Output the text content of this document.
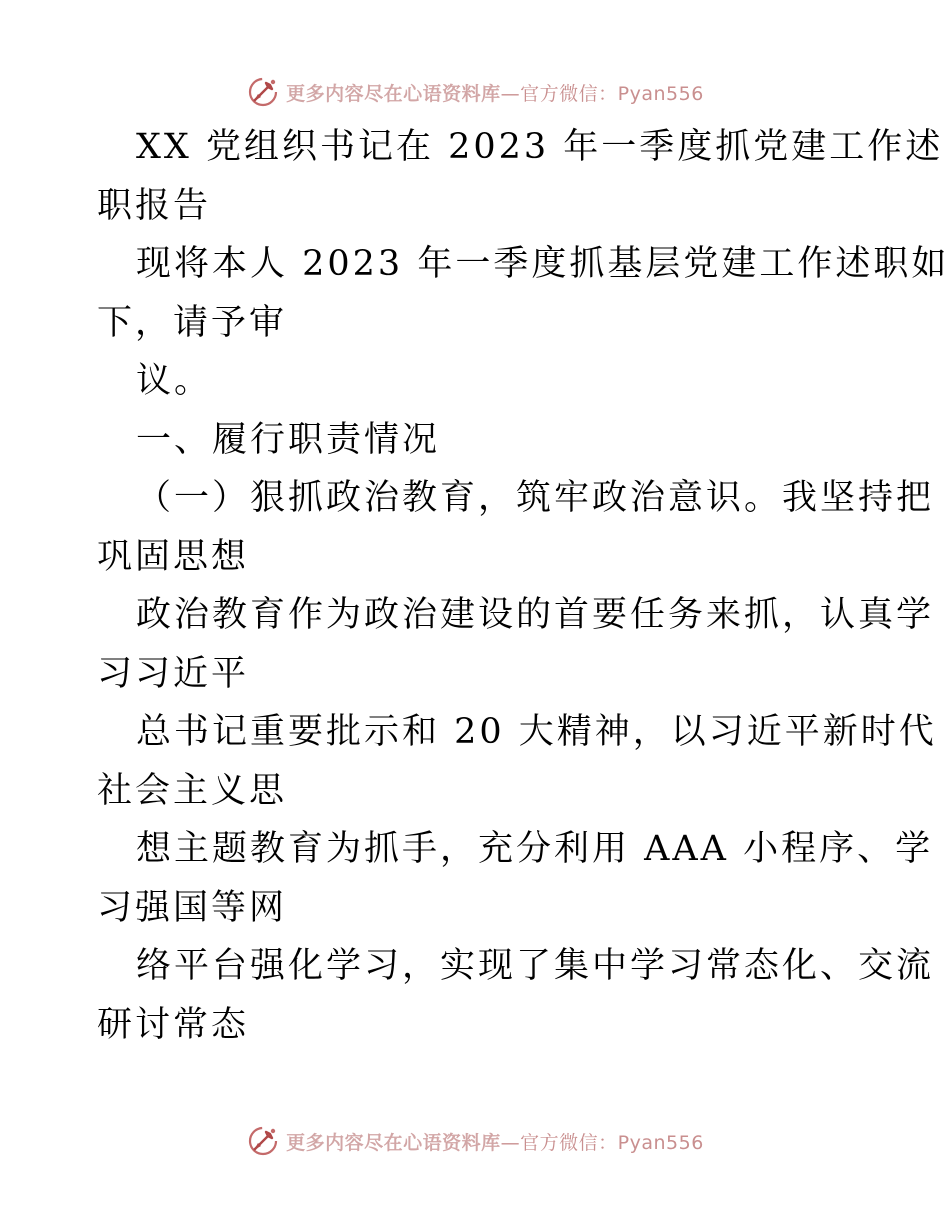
更多内容尽在心语资料库—官方微信：Pyan556
XX 党组织书记在 2023 年一季度抓党建工作述
职报告
现将本人 2023 年一季度抓基层党建工作述职如
下，请予审
议。
一、履行职责情况
（一）狠抓政治教育，筑牢政治意识。我坚持把
巩固思想
政治教育作为政治建设的首要任务来抓，认真学
习习近平
总书记重要批示和 20 大精神，以习近平新时代
社会主义思
想主题教育为抓手，充分利用 AAA 小程序、学
习强国等网
络平台强化学习，实现了集中学习常态化、交流
研讨常态
更多内容尽在心语资料库—官方微信：Pyan556
